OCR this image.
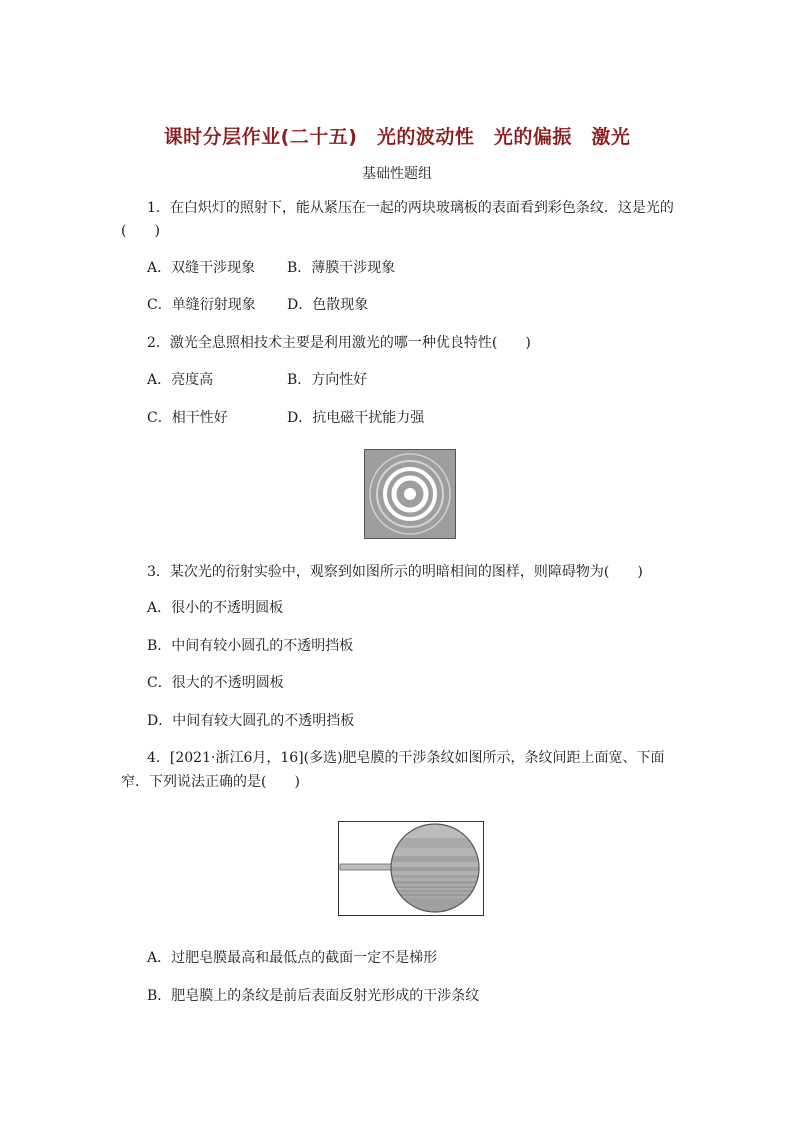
课时分层作业(二十五)　光的波动性　光的偏振　激光
基础性题组
1．在白炽灯的照射下，能从紧压在一起的两块玻璃板的表面看到彩色条纹．这是光的
(　　)
A．双缝干涉现象 B．薄膜干涉现象
C．单缝衍射现象 D．色散现象
2．激光全息照相技术主要是利用激光的哪一种优良特性(　　)
A．亮度高	B．方向性好
C．相干性好	D．抗电磁干扰能力强
3．某次光的衍射实验中，观察到如图所示的明暗相间的图样，则障碍物为(　　)
A．很小的不透明圆板
B．中间有较小圆孔的不透明挡板
C．很大的不透明圆板
D．中间有较大圆孔的不透明挡板
4．[2021·浙江6月，16](多选)肥皂膜的干涉条纹如图所示，条纹间距上面宽、下面
窄．下列说法正确的是(　　)
A．过肥皂膜最高和最低点的截面一定不是梯形
B．肥皂膜上的条纹是前后表面反射光形成的干涉条纹
